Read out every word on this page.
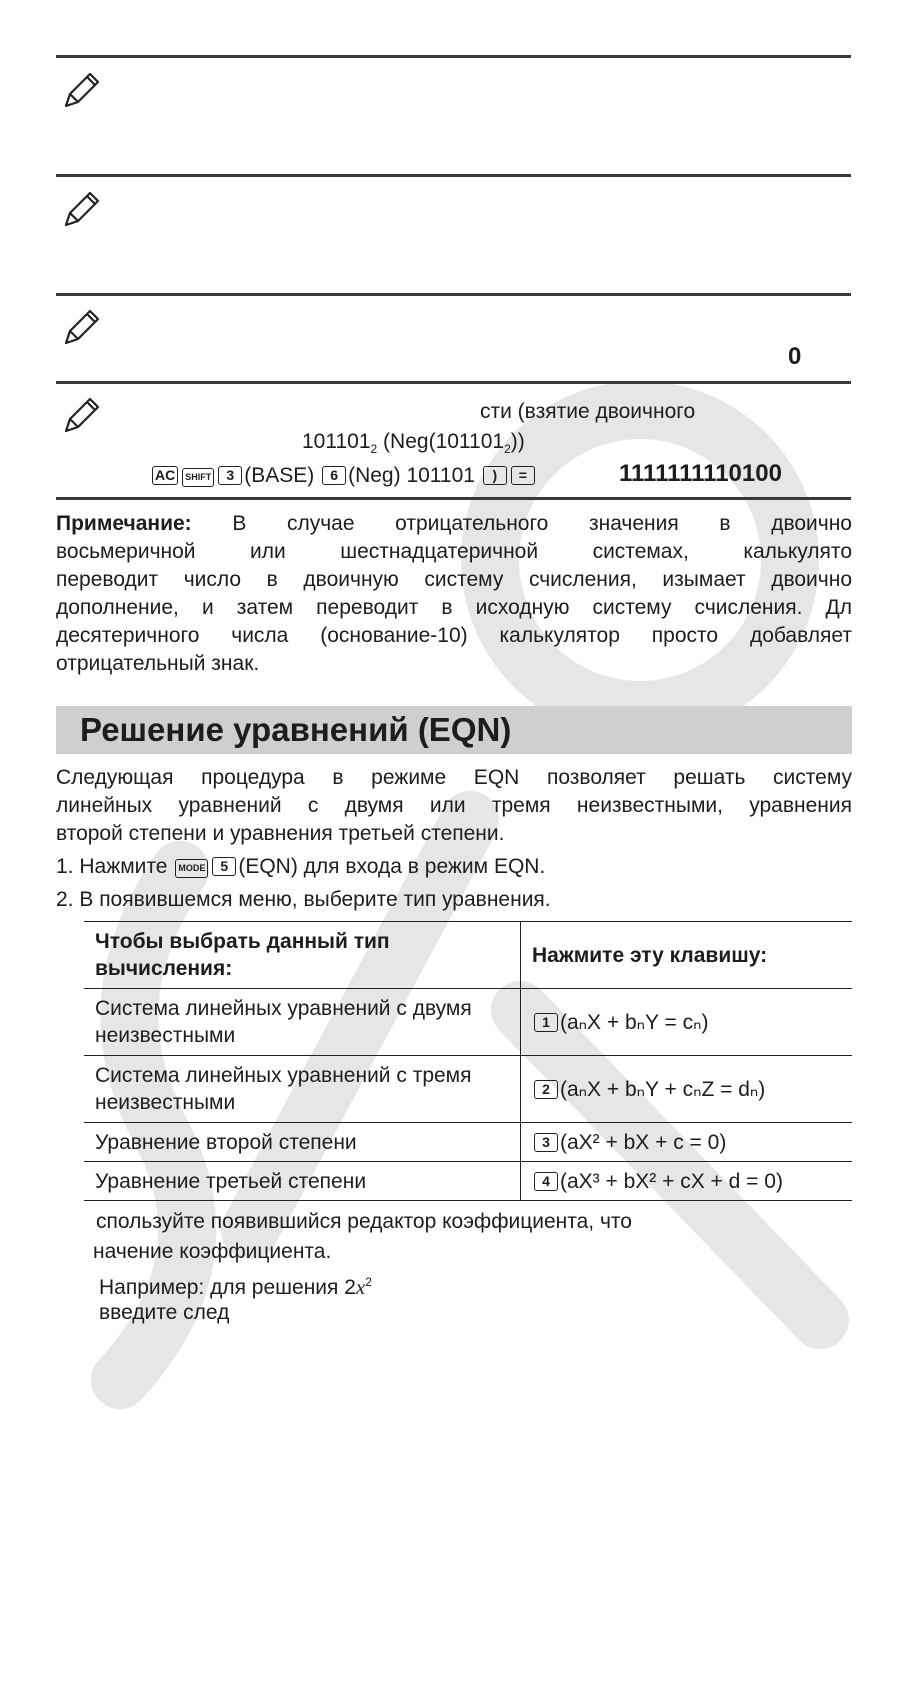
0
сти (взятие двоичного
$101101_2$ $(Neg(101101_2))$
AC SHIFT 3 (BASE) 6 (Neg) 101101 ) =	1111111110100

Примечание: В случае отрицательного значения в двоично

восьмеричной или шестнадцатеричной системах, калькулято

переводит число в двоичную систему счисления, изымает двоично

дополнение, и затем переводит в исходную систему счисления. Дл

десятеричного числа (основание-10) калькулятор просто добавляет

отрицательный знак.

Решение уравнений (EQN)

Следующая процедура в режиме EQN позволяет решать систему

линейных уравнений с двумя или тремя неизвестными, уравнения

второй степени и уравнения третьей степени.

1. Нажмите MODE 5 (EQN) для входа в режим EQN.
2. В появившемся меню, выберите тип уравнения.
Чтобы выбрать данный тип вычисления:	Нажмите эту клавишу:
Система линейных уравнений с двумя неизвестными	1 (aₙX + bₙY = cₙ)
Система линейных уравнений с тремя неизвестными	2 (aₙX + bₙY + cₙZ = dₙ)
Уравнение второй степени	3 (aX² + bX + c = 0)
Уравнение третьей степени	4 (aX³ + bX² + cX + d = 0)
спользуйте появившийся редактор коэффициента, что
начение коэффициента.
Например: для решения $2x^2$
введите след
